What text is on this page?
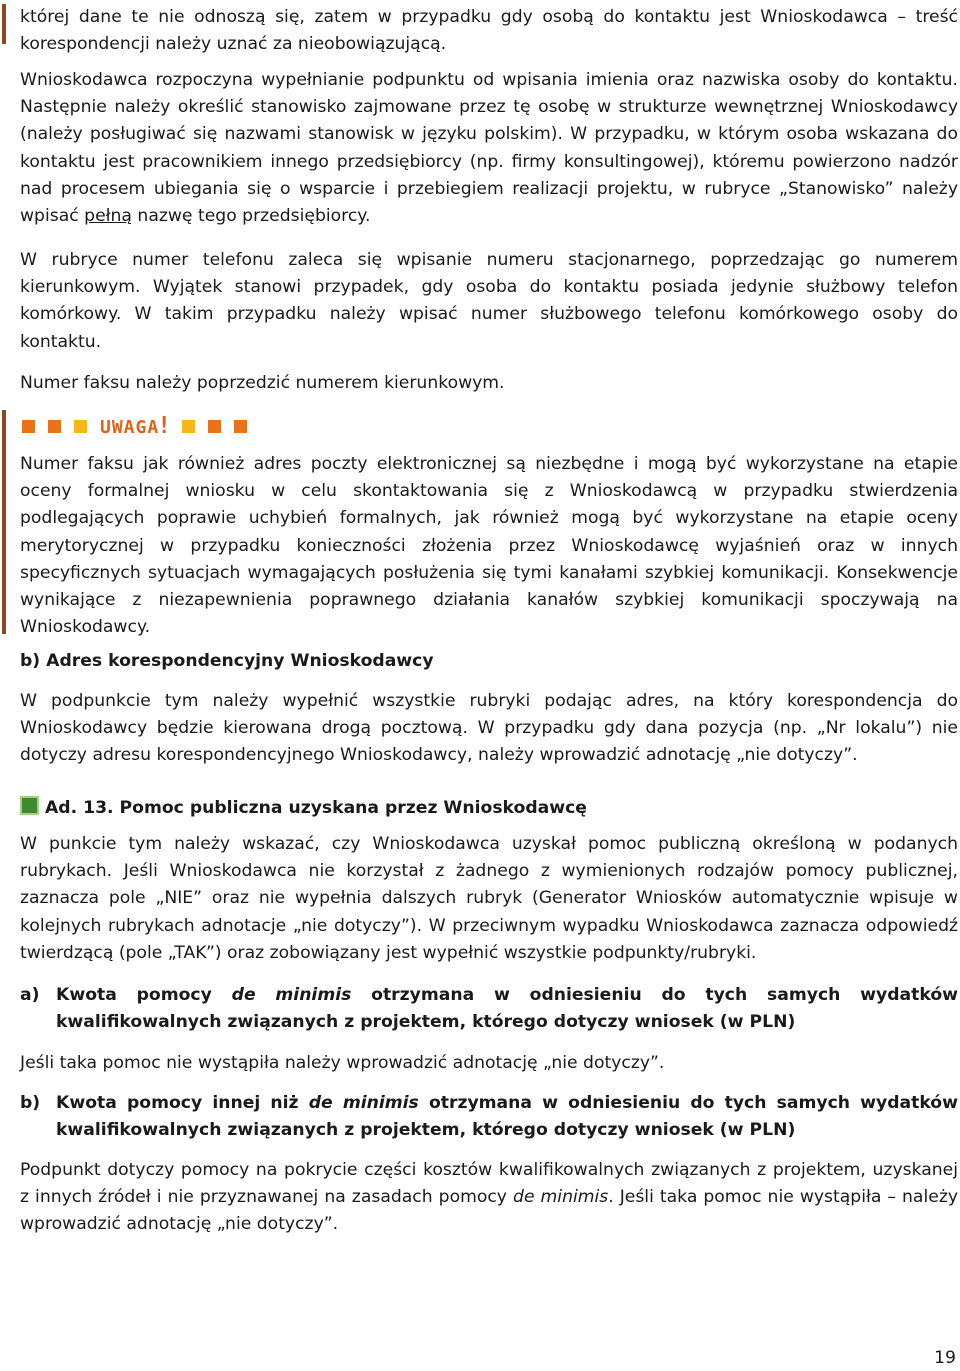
której dane te nie odnoszą się, zatem w przypadku gdy osobą do kontaktu jest Wnioskodawca – treść korespondencji należy uznać za nieobowiązującą.

Wnioskodawca rozpoczyna wypełnianie podpunktu od wpisania imienia oraz nazwiska osoby do kontaktu. Następnie należy określić stanowisko zajmowane przez tę osobę w strukturze wewnętrznej Wnioskodawcy (należy posługiwać się nazwami stanowisk w języku polskim). W przypadku, w którym osoba wskazana do kontaktu jest pracownikiem innego przedsiębiorcy (np. firmy konsultingowej), któremu powierzono nadzór nad procesem ubiegania się o wsparcie i przebiegiem realizacji projektu, w rubryce „Stanowisko” należy wpisać pełną nazwę tego przedsiębiorcy.

W rubryce numer telefonu zaleca się wpisanie numeru stacjonarnego, poprzedzając go numerem kierunkowym. Wyjątek stanowi przypadek, gdy osoba do kontaktu posiada jedynie służbowy telefon komórkowy. W takim przypadku należy wpisać numer służbowego telefonu komórkowego osoby do kontaktu.

Numer faksu należy poprzedzić numerem kierunkowym.

UWAGA!

Numer faksu jak również adres poczty elektronicznej są niezbędne i mogą być wykorzystane na etapie oceny formalnej wniosku w celu skontaktowania się z Wnioskodawcą w przypadku stwierdzenia podlegających poprawie uchybień formalnych, jak również mogą być wykorzystane na etapie oceny merytorycznej w przypadku konieczności złożenia przez Wnioskodawcę wyjaśnień oraz w innych specyficznych sytuacjach wymagających posłużenia się tymi kanałami szybkiej komunikacji. Konsekwencje wynikające z niezapewnienia poprawnego działania kanałów szybkiej komunikacji spoczywają na Wnioskodawcy.

b) Adres korespondencyjny Wnioskodawcy

W podpunkcie tym należy wypełnić wszystkie rubryki podając adres, na który korespondencja do Wnioskodawcy będzie kierowana drogą pocztową. W przypadku gdy dana pozycja (np. „Nr lokalu”) nie dotyczy adresu korespondencyjnego Wnioskodawcy, należy wprowadzić adnotację „nie dotyczy”.

Ad. 13. Pomoc publiczna uzyskana przez Wnioskodawcę

W punkcie tym należy wskazać, czy Wnioskodawca uzyskał pomoc publiczną określoną w podanych rubrykach. Jeśli Wnioskodawca nie korzystał z żadnego z wymienionych rodzajów pomocy publicznej, zaznacza pole „NIE” oraz nie wypełnia dalszych rubryk (Generator Wniosków automatycznie wpisuje w kolejnych rubrykach adnotacje „nie dotyczy”). W przeciwnym wypadku Wnioskodawca zaznacza odpowiedź twierdzącą (pole „TAK”) oraz zobowiązany jest wypełnić wszystkie podpunkty/rubryki.

a) Kwota pomocy de minimis otrzymana w odniesieniu do tych samych wydatków kwalifikowalnych związanych z projektem, którego dotyczy wniosek (w PLN)

Jeśli taka pomoc nie wystąpiła należy wprowadzić adnotację „nie dotyczy”.

b) Kwota pomocy innej niż de minimis otrzymana w odniesieniu do tych samych wydatków kwalifikowalnych związanych z projektem, którego dotyczy wniosek (w PLN)

Podpunkt dotyczy pomocy na pokrycie części kosztów kwalifikowalnych związanych z projektem, uzyskanej z innych źródeł i nie przyznawanej na zasadach pomocy de minimis. Jeśli taka pomoc nie wystąpiła – należy wprowadzić adnotację „nie dotyczy”.

19
